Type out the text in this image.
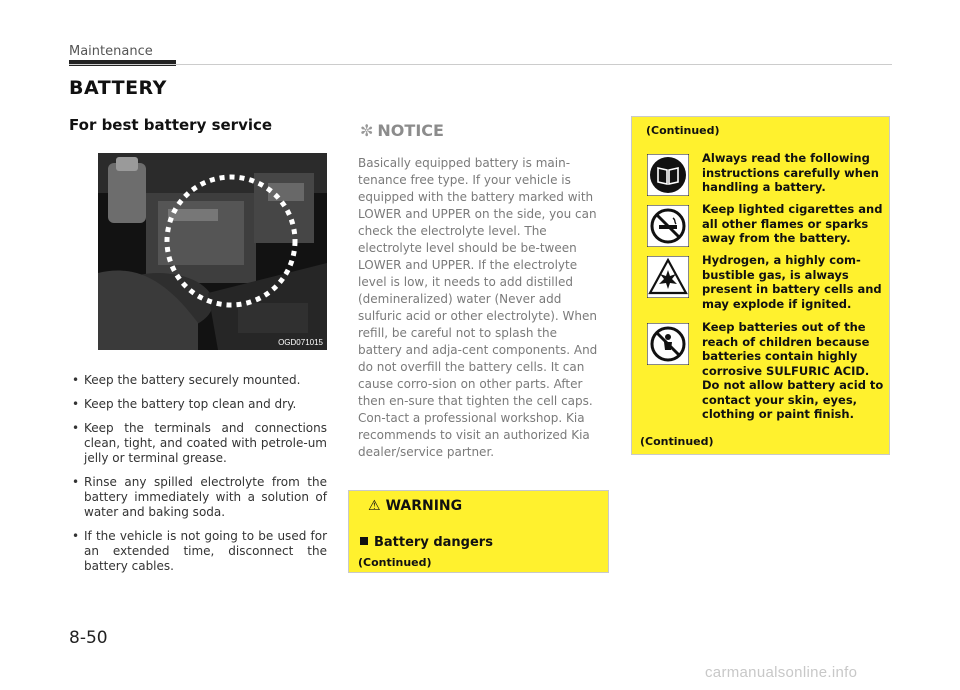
Maintenance
BATTERY
For best battery service
OGD071015
• Keep the battery securely mounted.
• Keep the battery top clean and dry.
• Keep the terminals and connections clean, tight, and coated with petrole-um jelly or terminal grease.
• Rinse any spilled electrolyte from the battery immediately with a solution of water and baking soda.
• If the vehicle is not going to be used for an extended time, disconnect the battery cables.
✼ NOTICE

Basically equipped battery is main-tenance free type. If your vehicle is equipped with the battery marked with LOWER and UPPER on the side, you can check the electrolyte level. The electrolyte level should be be-tween LOWER and UPPER. If the electrolyte level is low, it needs to add distilled (demineralized) water (Never add sulfuric acid or other electrolyte). When refill, be careful not to splash the battery and adja-cent components. And do not overfill the battery cells. It can cause corro-sion on other parts. After then en-sure that tighten the cell caps. Con-tact a professional workshop. Kia recommends to visit an authorized Kia dealer/service partner.

⚠ WARNING
Battery dangers
(Continued)
(Continued)
Always read the following instructions carefully when handling a battery.
Keep lighted cigarettes and all other flames or sparks away from the battery.
Hydrogen, a highly com-bustible gas, is always present in battery cells and may explode if ignited.
Keep batteries out of the reach of children because batteries contain highly corrosive SULFURIC ACID. Do not allow battery acid to contact your skin, eyes, clothing or paint finish.
(Continued)
8-50
carmanualsonline.info
